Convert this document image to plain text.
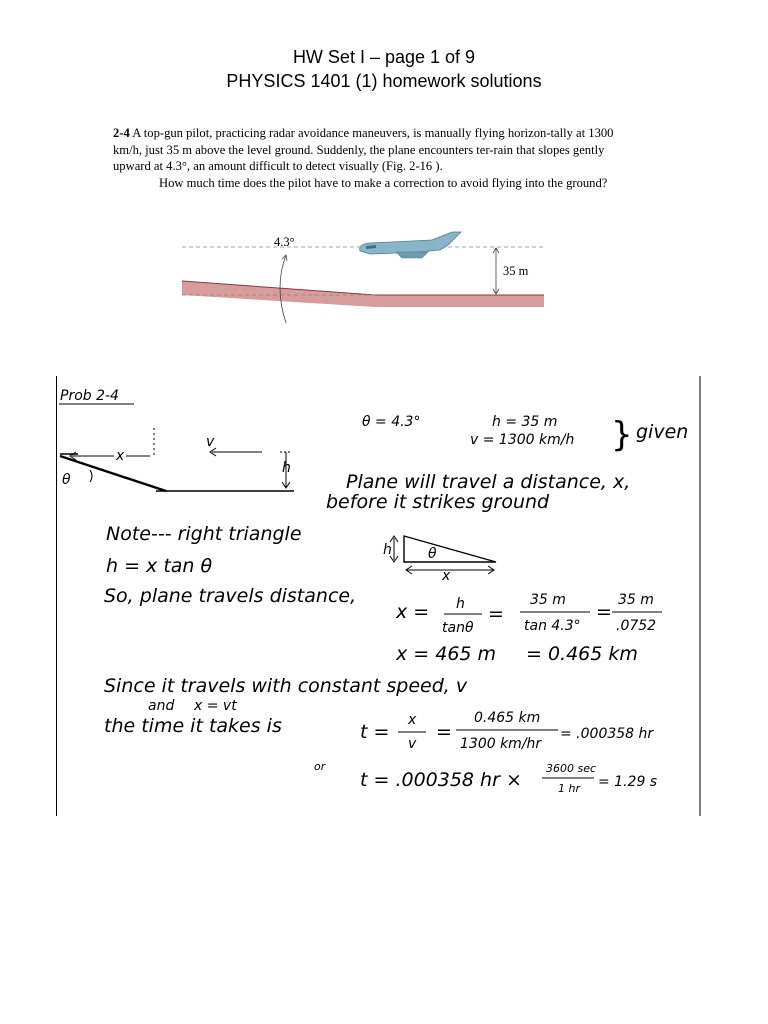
HW Set I – page 1 of 9
PHYSICS 1401 (1) homework solutions
2-4 A top-gun pilot, practicing radar avoidance maneuvers, is manually flying horizon-tally at 1300 km/h, just 35 m above the level ground. Suddenly, the plane encounters ter-rain that slopes gently upward at 4.3°, an amount difficult to detect visually (Fig. 2-16 ).
How much time does the pilot have to make a correction to avoid flying into the ground?
4.3°
35 m
Prob 2-4
θ = 4.3°	h = 35 m
v = 1300 km/h } given
x
v
h
θ	Plane will travel a distance, x,
before it strikes ground
Note--- right triangle
h = x tan θ
h	θ
x
So, plane travels distance,
x = h
tanθ
=
35 m
tan 4.3°
=
35 m
.0752
x = 465 m = 0.465 km
Since it travels with constant speed, v
and x = vt
the time it takes is	t =
x
v
=
0.465 km
1300 km/hr
= .000358 hr
or
t = .000358 hr ×
3600 sec
1 hr = 1.29 s
